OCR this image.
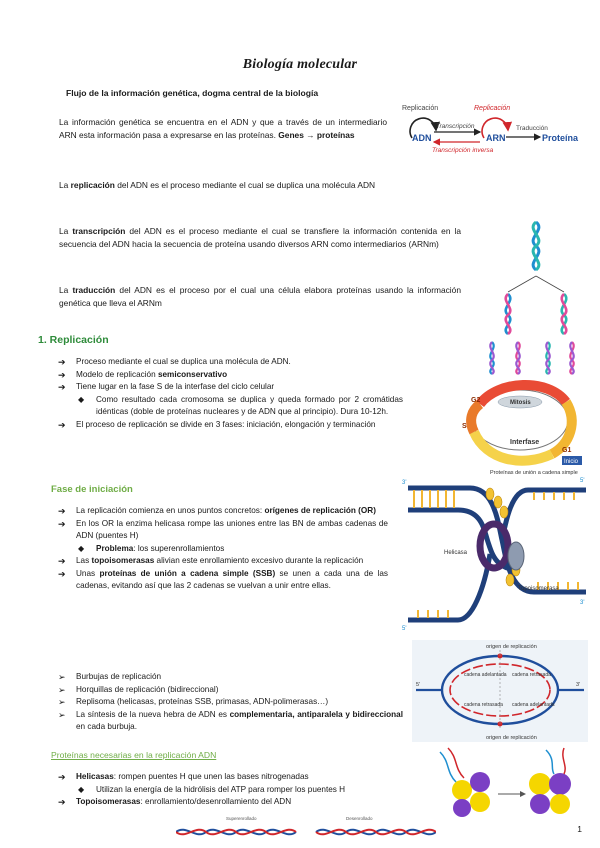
Biología molecular
Flujo de la información genética, dogma central de la biología
La información genética se encuentra en el ADN y que a través de un intermediario ARN esta información pasa a expresarse en las proteínas. Genes → proteínas
La replicación del ADN es el proceso mediante el cual se duplica una molécula ADN
La transcripción del ADN es el proceso mediante el cual se transfiere la información contenida en la secuencia del ADN hacia la secuencia de proteína usando diversos ARN como intermediarios (ARNm)
La traducción del ADN es el proceso por el cual una célula elabora proteínas usando la información genética que lleva el ARNm
Replicación	Replicación
ADN
Transcripción
ARN
Traducción
Proteína
Transcripción inversa
1. Replicación
➔ Proceso mediante el cual se duplica una molécula de ADN.
➔ Modelo de replicación semiconservativo
➔ Tiene lugar en la fase S de la interfase del ciclo celular
◆ Como resultado cada cromosoma se duplica y queda formado por 2 cromátidas idénticas (doble de proteínas nucleares y de ADN que al principio). Dura 10-12h.
➔ El proceso de replicación se divide en 3 fases: iniciación, elongación y terminación
Mitosis
Interfase
G2
S
G1
Inicio
Fase de iniciación
➔ La replicación comienza en unos puntos concretos: orígenes de replicación (OR)
➔ En los OR la enzima helicasa rompe las uniones entre las BN de ambas cadenas de ADN (puentes H)
◆ Problema: los superenrollamientos
➔ Las topoisomerasas alivian este enrollamiento excesivo durante la replicación
➔ Unas proteínas de unión a cadena simple (SSB) se unen a cada una de las cadenas, evitando así que las 2 cadenas se vuelvan a unir entre ellas.
Proteínas de unión a cadena simple
Helicasa
Topoisomerasa
3'
5'
5'
3'
➢ Burbujas de replicación
➢ Horquillas de replicación (bidireccional)
➢ Replisoma (helicasas, proteínas SSB, primasas, ADN-polimerasas…)
➢ La síntesis de la nueva hebra de ADN es complementaria, antiparalela y bidireccional en cada burbuja.
origen de replicación
origen de replicación
cadena adelantada cadena retrasada
cadena retrasada cadena adelantada
5'	3'
Proteínas necesarias en la replicación ADN
➔ Helicasas: rompen puentes H que unen las bases nitrogenadas
◆ Utilizan la energía de la hidrólisis del ATP para romper los puentes H
➔ Topoisomerasas: enrollamiento/desenrollamiento del ADN
Superenrollado	Desenrollado
1
